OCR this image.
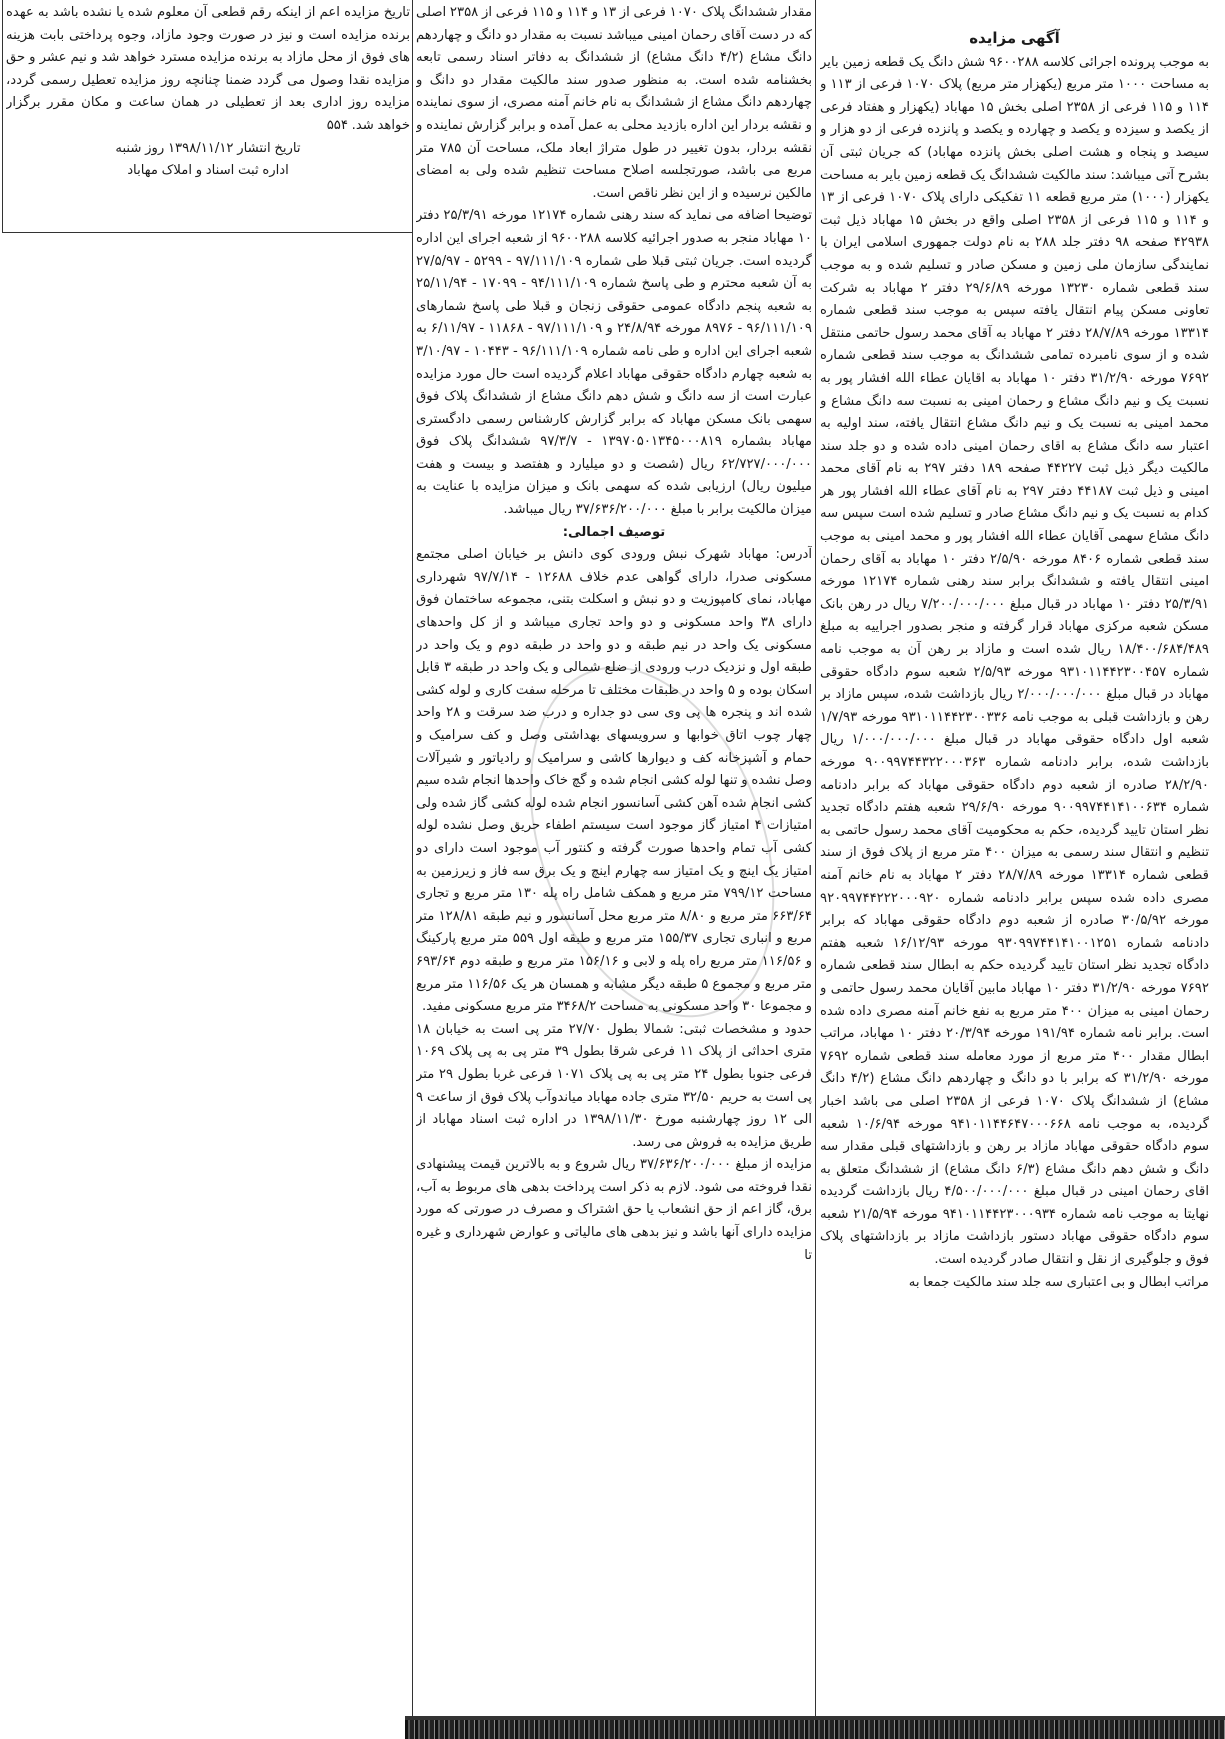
آگهی مزایده

به موجب پرونده اجرائی کلاسه ۹۶۰۰۲۸۸ شش دانگ یک قطعه زمین بایر به مساحت ۱۰۰۰ متر مربع (یکهزار متر مربع) پلاک ۱۰۷۰ فرعی از ۱۱۳ و ۱۱۴ و ۱۱۵ فرعی از ۲۳۵۸ اصلی بخش ۱۵ مهاباد (یکهزار و هفتاد فرعی از یکصد و سیزده و یکصد و چهارده و یکصد و پانزده فرعی از دو هزار و سیصد و پنجاه و هشت اصلی بخش پانزده مهاباد) که جریان ثبتی آن بشرح آتی میباشد: سند مالکیت ششدانگ یک قطعه زمین بایر به مساحت یکهزار (۱۰۰۰) متر مربع قطعه ۱۱ تفکیکی دارای پلاک ۱۰۷۰ فرعی از ۱۳ و ۱۱۴ و ۱۱۵ فرعی از ۲۳۵۸ اصلی واقع در بخش ۱۵ مهاباد ذیل ثبت ۴۲۹۳۸ صفحه ۹۸ دفتر جلد ۲۸۸ به نام دولت جمهوری اسلامی ایران با نمایندگی سازمان ملی زمین و مسکن صادر و تسلیم شده و به موجب سند قطعی شماره ۱۳۲۳۰ مورخه ۲۹/۶/۸۹ دفتر ۲ مهاباد به شرکت تعاونی مسکن پیام انتقال یافته سپس به موجب سند قطعی شماره ۱۳۳۱۴ مورخه ۲۸/۷/۸۹ دفتر ۲ مهاباد به آقای محمد رسول حاتمی منتقل شده و از سوی نامبرده تمامی ششدانگ به موجب سند قطعی شماره ۷۶۹۲ مورخه ۳۱/۲/۹۰ دفتر ۱۰ مهاباد به اقایان عطاء الله افشار پور به نسبت یک و نیم دانگ مشاع و رحمان امینی به نسبت سه دانگ مشاع و محمد امینی به نسبت یک و نیم دانگ مشاع انتقال یافته، سند اولیه به اعتبار سه دانگ مشاع به اقای رحمان امینی داده شده و دو جلد سند مالکیت دیگر ذیل ثبت ۴۴۲۲۷ صفحه ۱۸۹ دفتر ۲۹۷ به نام آقای محمد امینی و ذیل ثبت ۴۴۱۸۷ دفتر ۲۹۷ به نام آقای عطاء الله افشار پور هر کدام به نسبت یک و نیم دانگ مشاع صادر و تسلیم شده است سپس سه دانگ مشاع سهمی آقایان عطاء الله افشار پور و محمد امینی به موجب سند قطعی شماره ۸۴۰۶ مورخه ۲/۵/۹۰ دفتر ۱۰ مهاباد به آقای رحمان امینی انتقال یافته و ششدانگ برابر سند رهنی شماره ۱۲۱۷۴ مورخه ۲۵/۳/۹۱ دفتر ۱۰ مهاباد در قبال مبلغ ۷/۲۰۰/۰۰۰/۰۰۰ ریال در رهن بانک مسکن شعبه مرکزی مهاباد قرار گرفته و منجر بصدور اجراییه به مبلغ ۱۸/۴۰۰/۶۸۴/۴۸۹ ریال شده است و مازاد بر رهن آن به موجب نامه شماره ۹۳۱۰۱۱۴۴۲۳۰۰۴۵۷ مورخه ۲/۵/۹۳ شعبه سوم دادگاه حقوقی مهاباد در قبال مبلغ ۲/۰۰۰/۰۰۰/۰۰۰ ریال بازداشت شده، سپس مازاد بر رهن و بازداشت قبلی به موجب نامه ۹۳۱۰۱۱۴۴۲۳۰۰۳۳۶ مورخه ۱/۷/۹۳ شعبه اول دادگاه حقوقی مهاباد در قبال مبلغ ۱/۰۰۰/۰۰۰/۰۰۰ ریال بازداشت شده، برابر دادنامه شماره ۹۰۰۹۹۷۴۴۳۲۲۰۰۰۳۶۳ مورخه ۲۸/۲/۹۰ صادره از شعبه دوم دادگاه حقوقی مهاباد که برابر دادنامه شماره ۹۰۰۹۹۷۴۴۱۴۱۰۰۶۳۴ مورخه ۲۹/۶/۹۰ شعبه هفتم دادگاه تجدید نظر استان تایید گردیده، حکم به محکومیت آقای محمد رسول حاتمی به تنظیم و انتقال سند رسمی به میزان ۴۰۰ متر مربع از پلاک فوق از سند قطعی شماره ۱۳۳۱۴ مورخه ۲۸/۷/۸۹ دفتر ۲ مهاباد به نام خانم آمنه مصری داده شده سپس برابر دادنامه شماره ۹۲۰۹۹۷۴۴۲۲۲۰۰۰۹۲۰ مورخه ۳۰/۵/۹۲ صادره از شعبه دوم دادگاه حقوقی مهاباد که برابر دادنامه شماره ۹۳۰۹۹۷۴۴۱۴۱۰۰۱۲۵۱ مورخه ۱۶/۱۲/۹۳ شعبه هفتم دادگاه تجدید نظر استان تایید گردیده حکم به ابطال سند قطعی شماره ۷۶۹۲ مورخه ۳۱/۲/۹۰ دفتر ۱۰ مهاباد مابین آقایان محمد رسول حاتمی و رحمان امینی به میزان ۴۰۰ متر مربع به نفع خانم آمنه مصری داده شده است. برابر نامه شماره ۱۹۱/۹۴ مورخه ۲۰/۳/۹۴ دفتر ۱۰ مهاباد، مراتب ابطال مقدار ۴۰۰ متر مربع از مورد معامله سند قطعی شماره ۷۶۹۲ مورخه ۳۱/۲/۹۰ که برابر با دو دانگ و چهاردهم دانگ مشاع (۴/۲ دانگ مشاع) از ششدانگ پلاک ۱۰۷۰ فرعی از ۲۳۵۸ اصلی می باشد اخبار گردیده، به موجب نامه ۹۴۱۰۱۱۴۴۶۴۷۰۰۰۶۶۸ مورخه ۱۰/۶/۹۴ شعبه سوم دادگاه حقوقی مهاباد مازاد بر رهن و بازداشتهای قبلی مقدار سه دانگ و شش دهم دانگ مشاع (۶/۳ دانگ مشاع) از ششدانگ متعلق به اقای رحمان امینی در قبال مبلغ ۴/۵۰۰/۰۰۰/۰۰۰ ریال بازداشت گردیده نهایتا به موجب نامه شماره ۹۴۱۰۱۱۴۴۲۳۰۰۰۹۳۴ مورخه ۲۱/۵/۹۴ شعبه سوم دادگاه حقوقی مهاباد دستور بازداشت مازاد بر بازداشتهای پلاک فوق و جلوگیری از نقل و انتقال صادر گردیده است.

مراتب ابطال و بی اعتباری سه جلد سند مالکیت جمعا به

مقدار ششدانگ پلاک ۱۰۷۰ فرعی از ۱۳ و ۱۱۴ و ۱۱۵ فرعی از ۲۳۵۸ اصلی که در دست آقای رحمان امینی میباشد نسبت به مقدار دو دانگ و چهاردهم دانگ مشاع (۴/۲ دانگ مشاع) از ششدانگ به دفاتر اسناد رسمی تابعه بخشنامه شده است. به منظور صدور سند مالکیت مقدار دو دانگ و چهاردهم دانگ مشاع از ششدانگ به نام خانم آمنه مصری، از سوی نماینده و نقشه بردار این اداره بازدید محلی به عمل آمده و برابر گزارش نماینده و نقشه بردار، بدون تغییر در طول متراژ ابعاد ملک، مساحت آن ۷۸۵ متر مربع می باشد، صورتجلسه اصلاح مساحت تنظیم شده ولی به امضای مالکین نرسیده و از این نظر ناقص است.

توضیحا اضافه می نماید که سند رهنی شماره ۱۲۱۷۴ مورخه ۲۵/۳/۹۱ دفتر ۱۰ مهاباد منجر به صدور اجرائیه کلاسه ۹۶۰۰۲۸۸ از شعبه اجرای این اداره گردیده است. جریان ثبتی قبلا طی شماره ۹۷/۱۱۱/۱۰۹ - ۵۲۹۹ - ۲۷/۵/۹۷ به آن شعبه محترم و طی پاسخ شماره ۹۴/۱۱۱/۱۰۹ - ۱۷۰۹۹ - ۲۵/۱۱/۹۴ به شعبه پنجم دادگاه عمومی حقوقی زنجان و قبلا طی پاسخ شمارهای ۹۶/۱۱۱/۱۰۹ - ۸۹۷۶ مورخه ۲۴/۸/۹۴ و ۹۷/۱۱۱/۱۰۹ - ۱۱۸۶۸ - ۶/۱۱/۹۷ به شعبه اجرای این اداره و طی نامه شماره ۹۶/۱۱۱/۱۰۹ - ۱۰۴۴۳ - ۳/۱۰/۹۷ به شعبه چهارم دادگاه حقوقی مهاباد اعلام گردیده است حال مورد مزایده عبارت است از سه دانگ و شش دهم دانگ مشاع از ششدانگ پلاک فوق سهمی بانک مسکن مهاباد که برابر گزارش کارشناس رسمی دادگستری مهاباد بشماره ۱۳۹۷۰۵۰۱۳۴۵۰۰۰۸۱۹ - ۹۷/۳/۷ ششدانگ پلاک فوق ۶۲/۷۲۷/۰۰۰/۰۰۰ ریال (شصت و دو میلیارد و هفتصد و بیست و هفت میلیون ریال) ارزیابی شده که سهمی بانک و میزان مزایده با عنایت به میزان مالکیت برابر با مبلغ ۳۷/۶۳۶/۲۰۰/۰۰۰ ریال میباشد.

توصیف اجمالی:

آدرس: مهاباد شهرک نبش ورودی کوی دانش بر خیابان اصلی مجتمع مسکونی صدرا، دارای گواهی عدم خلاف ۱۲۶۸۸ - ۹۷/۷/۱۴ شهرداری مهاباد، نمای کامپوزیت و دو نبش و اسکلت بتنی، مجموعه ساختمان فوق دارای ۳۸ واحد مسکونی و دو واحد تجاری میباشد و از کل واحدهای مسکونی یک واحد در نیم طبقه و دو واحد در طبقه دوم و یک واحد در طبقه اول و نزدیک درب ورودی از ضلع شمالی و یک واحد در طبقه ۳ قابل اسکان بوده و ۵ واحد در طبقات مختلف تا مرحله سفت کاری و لوله کشی شده اند و پنجره ها پی وی سی دو جداره و درب ضد سرقت و ۲۸ واحد چهار چوب اتاق خوابها و سرویسهای بهداشتی وصل و کف سرامیک و حمام و آشپزخانه کف و دیوارها کاشی و سرامیک و رادیاتور و شیرآلات وصل نشده و تنها لوله کشی انجام شده و گچ خاک واحدها انجام شده سیم کشی انجام شده آهن کشی آسانسور انجام شده لوله کشی گاز شده ولی امتیازات ۴ امتیاز گاز موجود است سیستم اطفاء حریق وصل نشده لوله کشی آب تمام واحدها صورت گرفته و کنتور آب موجود است دارای دو امتیاز یک اینچ و یک امتیاز سه چهارم اینچ و یک برق سه فاز و زیرزمین به مساحت ۷۹۹/۱۲ متر مربع و همکف شامل راه پله ۱۳۰ متر مربع و تجاری ۶۶۳/۶۴ متر مربع و ۸/۸۰ متر مربع محل آسانسور و نیم طبقه ۱۲۸/۸۱ متر مربع و انباری تجاری ۱۵۵/۳۷ متر مربع و طبقه اول ۵۵۹ متر مربع پارکینگ و ۱۱۶/۵۶ متر مربع راه پله و لابی و ۱۵۶/۱۶ متر مربع و طبقه دوم ۶۹۳/۶۴ متر مربع و مجموع ۵ طبقه دیگر مشابه و همسان هر یک ۱۱۶/۵۶ متر مربع و مجموعا ۳۰ واحد مسکونی به مساحت ۳۴۶۸/۲ متر مربع مسکونی مفید.

حدود و مشخصات ثبتی: شمالا بطول ۲۷/۷۰ متر پی است به خیابان ۱۸ متری احداثی از پلاک ۱۱ فرعی شرقا بطول ۳۹ متر پی به پی پلاک ۱۰۶۹ فرعی جنوبا بطول ۲۴ متر پی به پی پلاک ۱۰۷۱ فرعی غربا بطول ۲۹ متر پی است به حریم ۳۲/۵۰ متری جاده مهاباد میاندوآب پلاک فوق از ساعت ۹ الی ۱۲ روز چهارشنبه مورخ ۱۳۹۸/۱۱/۳۰ در اداره ثبت اسناد مهاباد از طریق مزایده به فروش می رسد.

مزایده از مبلغ ۳۷/۶۳۶/۲۰۰/۰۰۰ ریال شروع و به بالاترین قیمت پیشنهادی نقدا فروخته می شود. لازم به ذکر است پرداخت بدهی های مربوط به آب، برق، گاز اعم از حق انشعاب یا حق اشتراک و مصرف در صورتی که مورد مزایده دارای آنها باشد و نیز بدهی های مالیاتی و عوارض شهرداری و غیره تا

تاریخ مزایده اعم از اینکه رقم قطعی آن معلوم شده یا نشده باشد به عهده برنده مزایده است و نیز در صورت وجود مازاد، وجوه پرداختی بابت هزینه های فوق از محل مازاد به برنده مزایده مسترد خواهد شد و نیم عشر و حق مزایده نقدا وصول می گردد ضمنا چنانچه روز مزایده تعطیل رسمی گردد، مزایده روز اداری بعد از تعطیلی در همان ساعت و مکان مقرر برگزار خواهد شد. ۵۵۴

تاریخ انتشار ۱۳۹۸/۱۱/۱۲ روز شنبه

اداره ثبت اسناد و املاک مهاباد
